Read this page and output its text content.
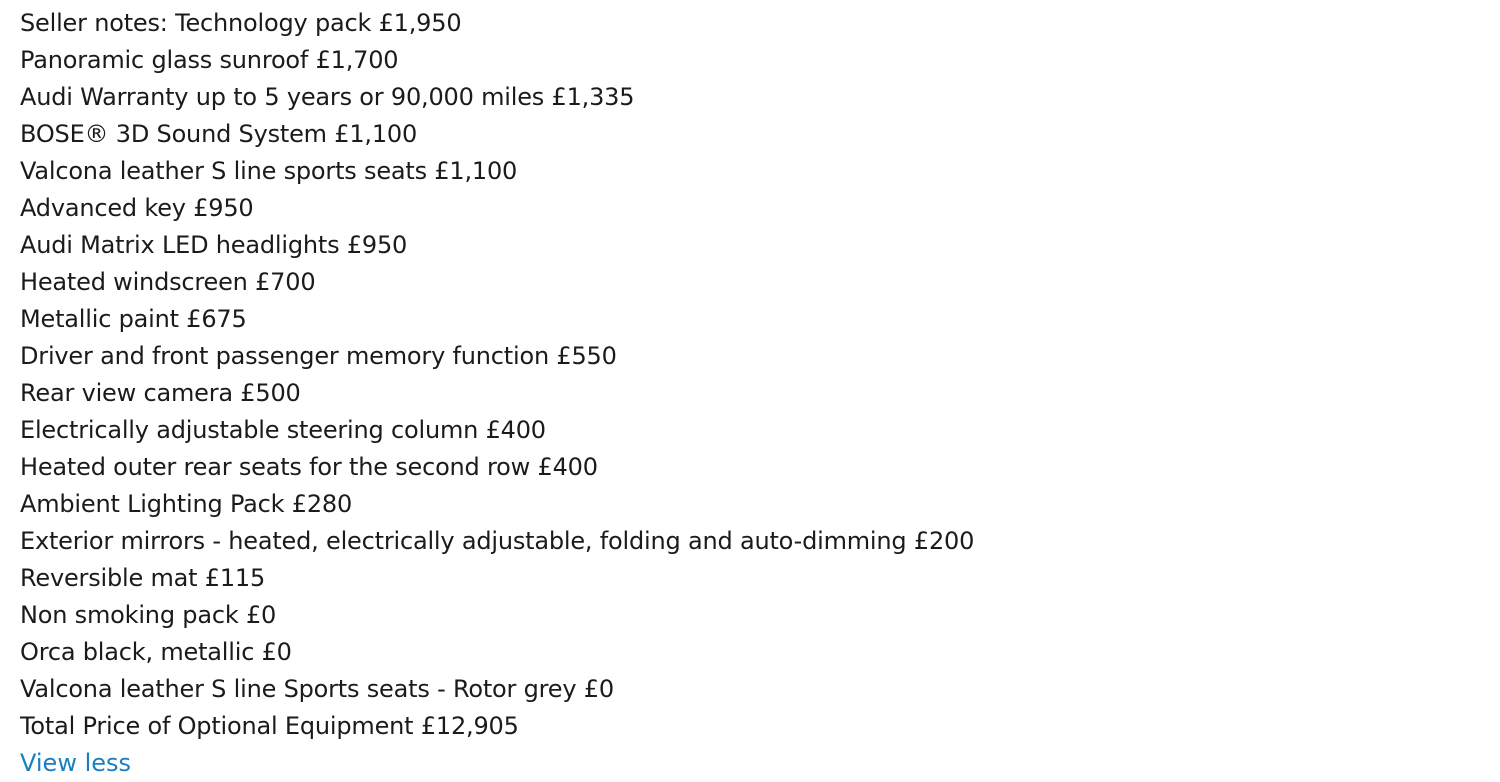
Seller notes: Technology pack £1,950
Panoramic glass sunroof £1,700
Audi Warranty up to 5 years or 90,000 miles £1,335
BOSE® 3D Sound System £1,100
Valcona leather S line sports seats £1,100
Advanced key £950
Audi Matrix LED headlights £950
Heated windscreen £700
Metallic paint £675
Driver and front passenger memory function £550
Rear view camera £500
Electrically adjustable steering column £400
Heated outer rear seats for the second row £400
Ambient Lighting Pack £280
Exterior mirrors - heated, electrically adjustable, folding and auto-dimming £200
Reversible mat £115
Non smoking pack £0
Orca black, metallic £0
Valcona leather S line Sports seats - Rotor grey £0
Total Price of Optional Equipment £12,905
View less
